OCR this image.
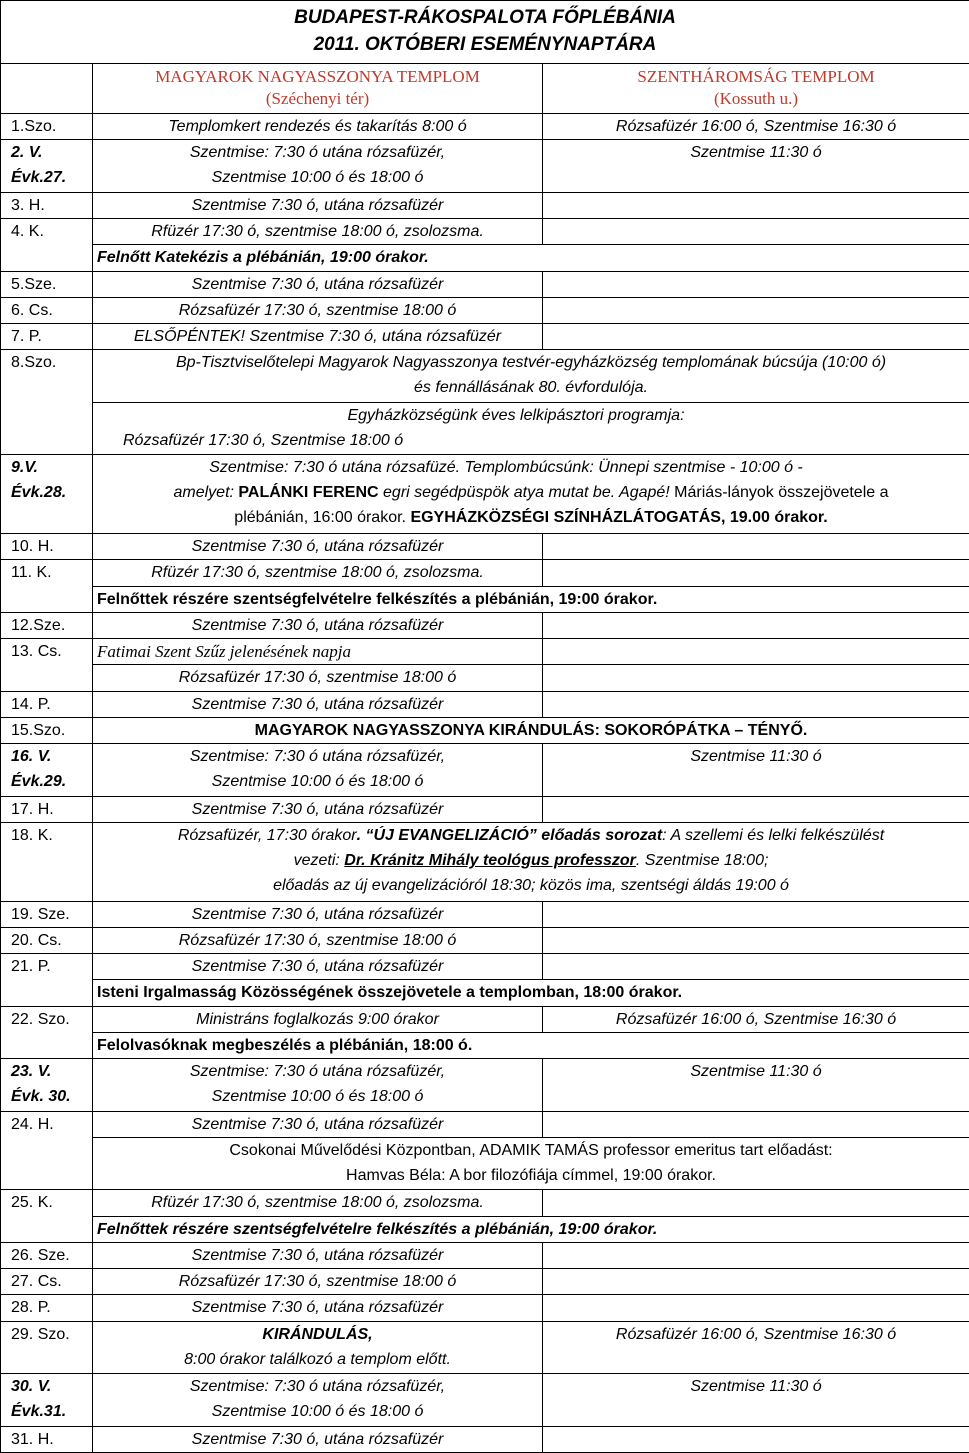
BUDAPEST-RÁKOSPALOTA FŐPLÉBÁNIA
2011. OKTÓBERI ESEMÉNYNAPTÁRA		

	MAGYAROK NAGYASSZONYA TEMPLOM
(Széchenyi tér)	SZENTHÁROMSÁG TEMPLOM
(Kossuth u.)

1.Szo.	Templomkert rendezés és takarítás 8:00 ó	Rózsafüzér 16:00 ó, Szentmise 16:30 ó

2. V.
Évk.27.	Szentmise: 7:30 ó utána rózsafüzér,
Szentmise 10:00 ó és 18:00 ó	Szentmise 11:30 ó
3. H.	Szentmise 7:30 ó, utána rózsafüzér	
4. K.	Rfüzér 17:30 ó, szentmise 18:00 ó, zsolozsma.	
	Felnőtt Katekézis a plébánián, 19:00 órakor.	
5.Sze.	Szentmise 7:30 ó, utána rózsafüzér	
6. Cs.	Rózsafüzér 17:30 ó, szentmise 18:00 ó	
7. P.	ELSŐPÉNTEK! Szentmise 7:30 ó, utána rózsafüzér	
8.Szo.	Bp-Tisztviselőtelepi Magyarok Nagyasszonya testvér-egyházközség templomának búcsúja (10:00 ó)
és fennállásának 80. évfordulója.	

	Egyházközségünk éves lelkipásztori programja:
Rózsafüzér 17:30 ó, Szentmise 18:00 ó	

9.V.
Évk.28.	Szentmise: 7:30 ó utána rózsafüzé. Templombúcsúnk: Ünnepi szentmise - 10:00 ó -
amelyet: PALÁNKI FERENC egri segédpüspök atya mutat be. Agapé! Máriás-lányok összejövetele a
plébánián, 16:00 órakor. EGYHÁZKÖZSÉGI SZÍNHÁZLÁTOGATÁS, 19.00 órakor.	

10. H.	Szentmise 7:30 ó, utána rózsafüzér	
11. K.	Rfüzér 17:30 ó, szentmise 18:00 ó, zsolozsma.	
	Felnőttek részére szentségfelvételre felkészítés a plébánián, 19:00 órakor.	
12.Sze.	Szentmise 7:30 ó, utána rózsafüzér	
13. Cs.	Fatimai Szent Szűz jelenésének napja	
	Rózsafüzér 17:30 ó, szentmise 18:00 ó	
14. P.	Szentmise 7:30 ó, utána rózsafüzér	
15.Szo.	MAGYAROK NAGYASSZONYA KIRÁNDULÁS: SOKORÓPÁTKA – TÉNYŐ.	

16. V.
Évk.29.	Szentmise: 7:30 ó utána rózsafüzér,
Szentmise 10:00 ó és 18:00 ó	Szentmise 11:30 ó
17. H.	Szentmise 7:30 ó, utána rózsafüzér	
18. K.	Rózsafüzér, 17:30 órakor. “ÚJ EVANGELIZÁCIÓ” előadás sorozat: A szellemi és lelki felkészülést
vezeti: Dr. Kránitz Mihály teológus professzor. Szentmise 18:00;
előadás az új evangelizációról 18:30; közös ima, szentségi áldás 19:00 ó	

19. Sze.	Szentmise 7:30 ó, utána rózsafüzér	
20. Cs.	Rózsafüzér 17:30 ó, szentmise 18:00 ó	
21. P.	Szentmise 7:30 ó, utána rózsafüzér	
	Isteni Irgalmasság Közösségének összejövetele a templomban, 18:00 órakor.	
22. Szo.	Ministráns foglalkozás 9:00 órakor	Rózsafüzér 16:00 ó, Szentmise 16:30 ó
	Felolvasóknak megbeszélés a plébánián, 18:00 ó.	

23. V.
Évk. 30.	Szentmise: 7:30 ó utána rózsafüzér,
Szentmise 10:00 ó és 18:00 ó	Szentmise 11:30 ó
24. H.	Szentmise 7:30 ó, utána rózsafüzér	

	Csokonai Művelődési Központban, ADAMIK TAMÁS professor emeritus tart előadást:
Hamvas Béla: A bor filozófiája címmel, 19:00 órakor.	

25. K.	Rfüzér 17:30 ó, szentmise 18:00 ó, zsolozsma.	
	Felnőttek részére szentségfelvételre felkészítés a plébánián, 19:00 órakor.	
26. Sze.	Szentmise 7:30 ó, utána rózsafüzér	
27. Cs.	Rózsafüzér 17:30 ó, szentmise 18:00 ó	
28. P.	Szentmise 7:30 ó, utána rózsafüzér	
29. Szo.	KIRÁNDULÁS,
8:00 órakor találkozó a templom előtt.	Rózsafüzér 16:00 ó, Szentmise 16:30 ó

30. V.
Évk.31.	Szentmise: 7:30 ó utána rózsafüzér,
Szentmise 10:00 ó és 18:00 ó	Szentmise 11:30 ó
31. H.	Szentmise 7:30 ó, utána rózsafüzér	
